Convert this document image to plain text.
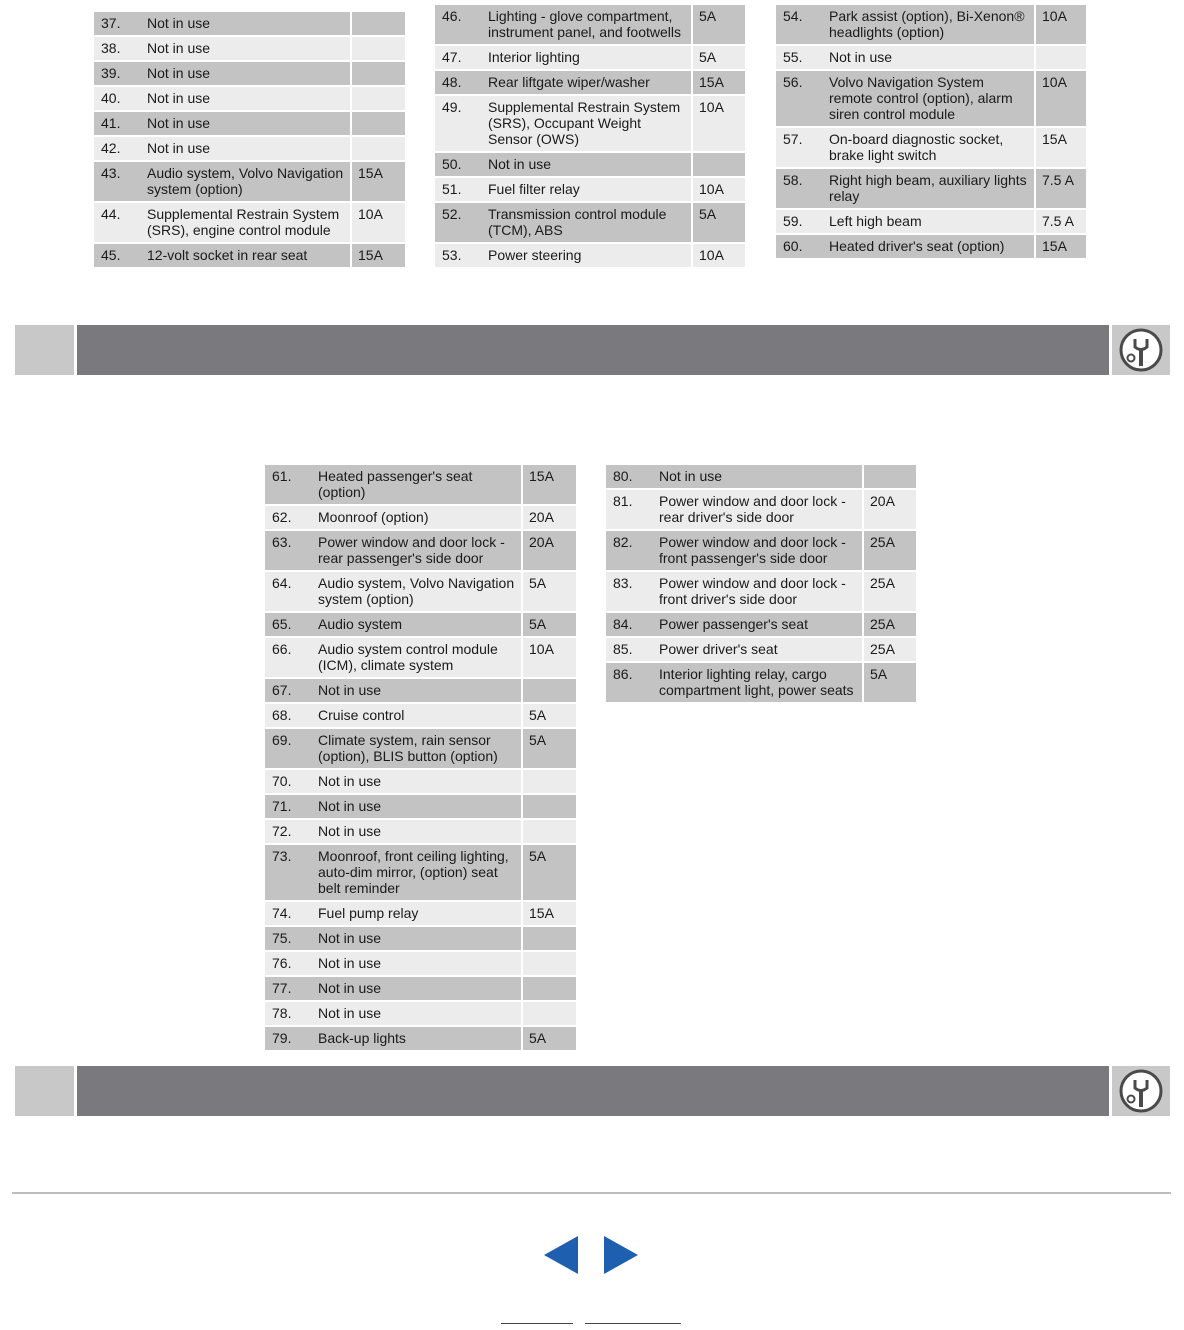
37.	Not in use	
38.	Not in use	
39.	Not in use	
40.	Not in use	
41.	Not in use	
42.	Not in use	
43.	Audio system, Volvo Navigation system (option)	15A
44.	Supplemental Restrain System (SRS), engine control module	10A
45.	12-volt socket in rear seat	15A
46.	Lighting - glove compartment, instrument panel, and footwells	5A
47.	Interior lighting	5A
48.	Rear liftgate wiper/washer	15A
49.	Supplemental Restrain System (SRS), Occupant Weight Sensor (OWS)	10A
50.	Not in use	
51.	Fuel filter relay	10A
52.	Transmission control module (TCM), ABS	5A
53.	Power steering	10A
54.	Park assist (option), Bi-Xenon® headlights (option)	10A
55.	Not in use	
56.	Volvo Navigation System remote control (option), alarm siren control module	10A
57.	On-board diagnostic socket, brake light switch	15A
58.	Right high beam, auxiliary lights relay	7.5 A
59.	Left high beam	7.5 A
60.	Heated driver's seat (option)	15A
61.	Heated passenger's seat (option)	15A
62.	Moonroof (option)	20A
63.	Power window and door lock - rear passenger's side door	20A
64.	Audio system, Volvo Navigation system (option)	5A
65.	Audio system	5A
66.	Audio system control module (ICM), climate system	10A
67.	Not in use	
68.	Cruise control	5A
69.	Climate system, rain sensor (option), BLIS button (option)	5A
70.	Not in use	
71.	Not in use	
72.	Not in use	
73.	Moonroof, front ceiling lighting, auto-dim mirror, (option) seat belt reminder	5A
74.	Fuel pump relay	15A
75.	Not in use	
76.	Not in use	
77.	Not in use	
78.	Not in use	
79.	Back-up lights	5A
80.	Not in use	
81.	Power window and door lock - rear driver's side door	20A
82.	Power window and door lock - front passenger's side door	25A
83.	Power window and door lock - front driver's side door	25A
84.	Power passenger's seat	25A
85.	Power driver's seat	25A
86.	Interior lighting relay, cargo compartment light, power seats	5A
